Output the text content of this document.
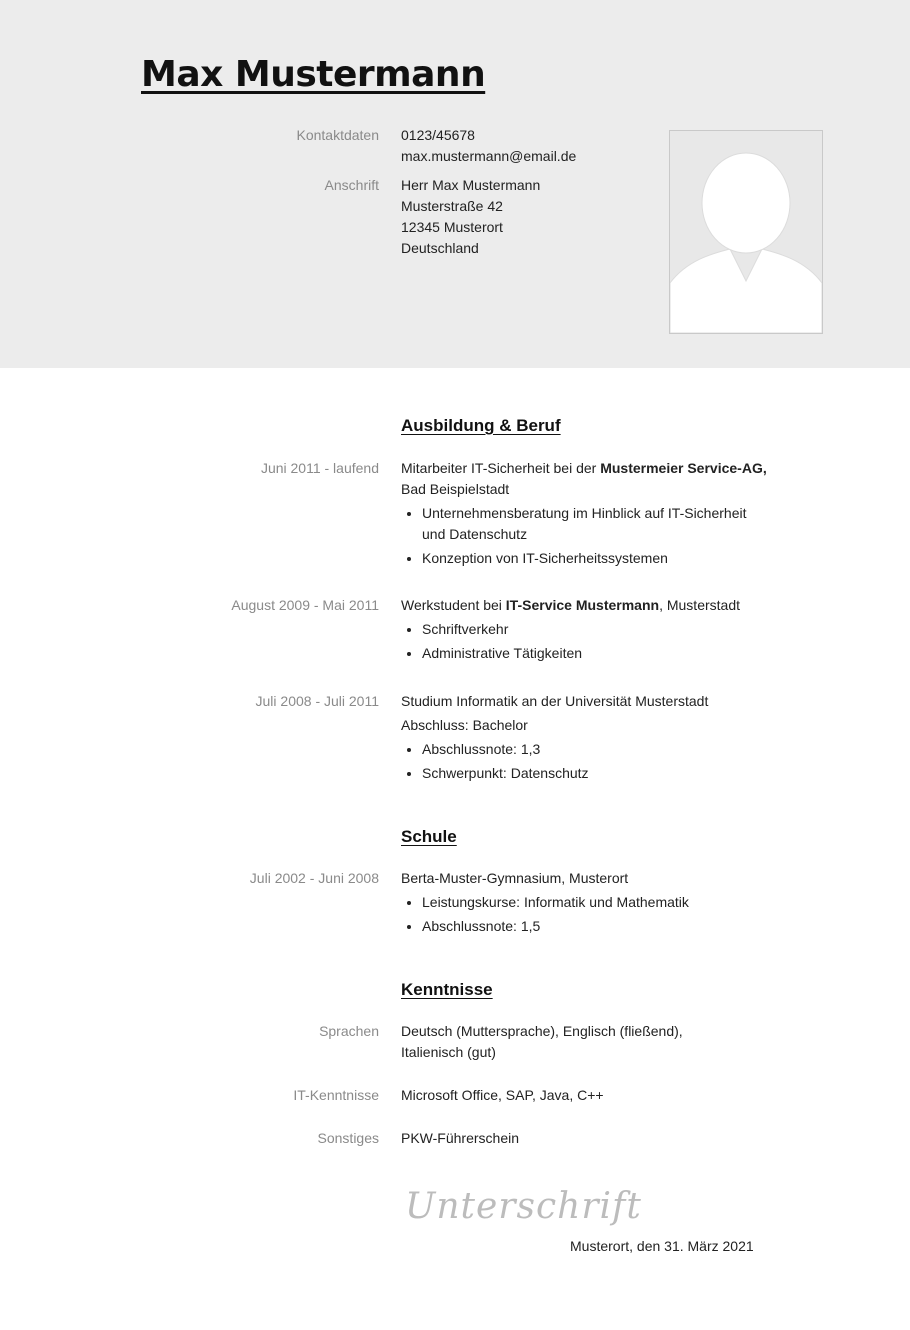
Max Mustermann
Kontaktdaten 0123/45678
max.mustermann@email.de
Anschrift Herr Max Mustermann
Musterstraße 42
12345 Musterort
Deutschland
Ausbildung & Beruf
Juni 2011 - laufend Mitarbeiter IT-Sicherheit bei der Mustermeier Service-AG, Bad Beispielstadt
• Unternehmensberatung im Hinblick auf IT-Sicherheit und Datenschutz
• Konzeption von IT-Sicherheitssystemen
August 2009 - Mai 2011 Werkstudent bei IT-Service Mustermann, Musterstadt
• Schriftverkehr
• Administrative Tätigkeiten
Juli 2008 - Juli 2011 Studium Informatik an der Universität Musterstadt
Abschluss: Bachelor
• Abschlussnote: 1,3
• Schwerpunkt: Datenschutz
Schule
Juli 2002 - Juni 2008 Berta-Muster-Gymnasium, Musterort
• Leistungskurse: Informatik und Mathematik
• Abschlussnote: 1,5
Kenntnisse
Sprachen Deutsch (Muttersprache), Englisch (fließend), Italienisch (gut)
IT-Kenntnisse Microsoft Office, SAP, Java, C++
Sonstiges PKW-Führerschein
Unterschrift
Musterort, den 31. März 2021
